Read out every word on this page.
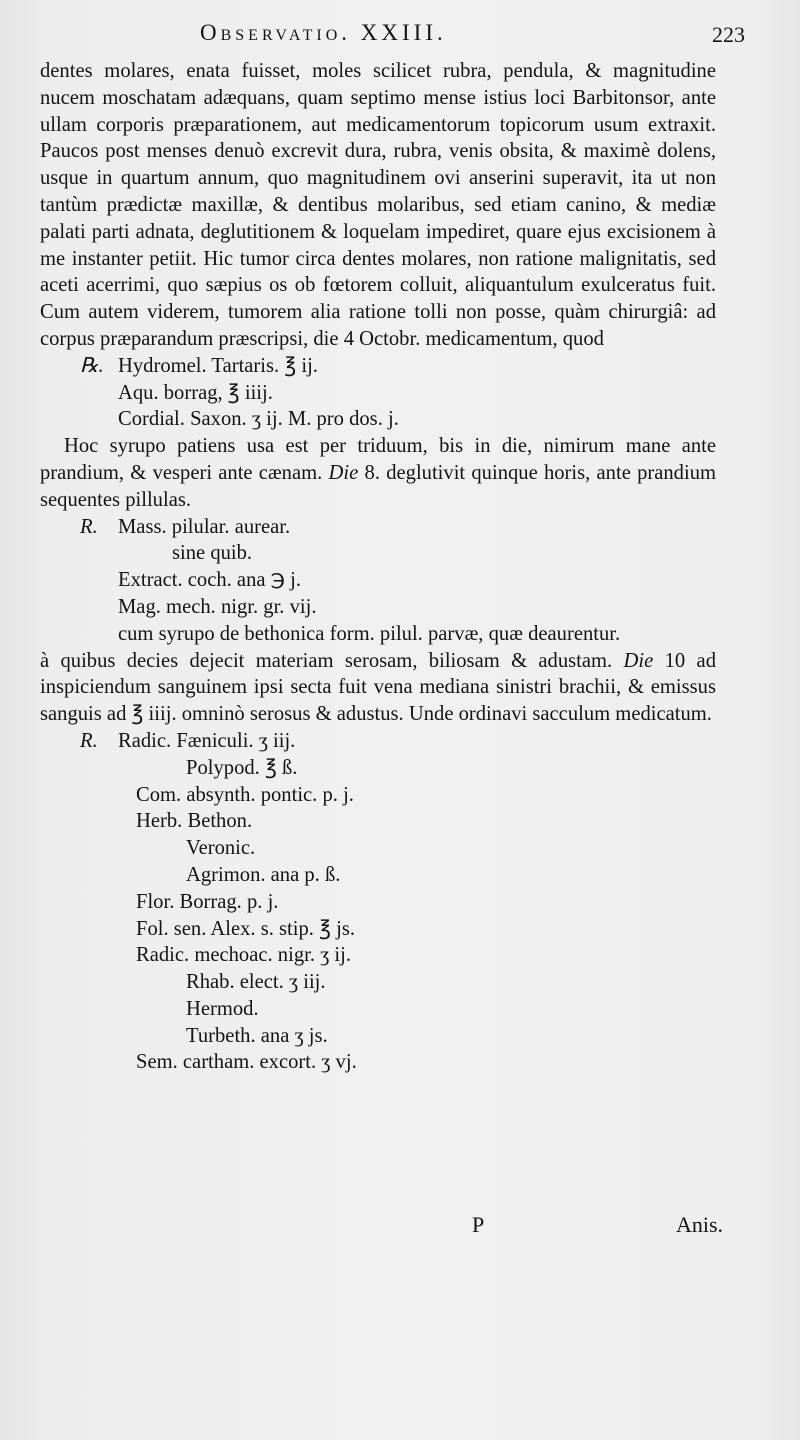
Observatio. XXIII.	223

dentes molares, enata fuisset, moles scilicet rubra, pendula, & magnitudine nucem moschatam adæquans, quam septimo mense istius loci Barbitonsor, ante ullam corporis præparationem, aut medicamentorum topicorum usum extraxit. Paucos post menses denuò excrevit dura, rubra, venis obsita, & maximè dolens, usque in quartum annum, quo magnitudinem ovi anserini superavit, ita ut non tantùm prædictæ maxillæ, & dentibus molaribus, sed etiam canino, & mediæ palati parti adnata, deglutitionem & loquelam impediret, quare ejus excisionem à me instanter petiit. Hic tumor circa dentes molares, non ratione malignitatis, sed aceti acerrimi, quo sæpius os ob fœtorem colluit, aliquantulum exulceratus fuit. Cum autem viderem, tumorem alia ratione tolli non posse, quàm chirurgiâ: ad corpus præparandum præscripsi, die 4 Octobr. medicamentum, quod

℞. Hydromel. Tartaris. ℥ ij.
Aqu. borrag, ℥ iiij.
Cordial. Saxon. ʒ ij. M. pro dos. j.

Hoc syrupo patiens usa est per triduum, bis in die, nimirum mane ante prandium, & vesperi ante cænam. Die 8. deglutivit quinque horis, ante prandium sequentes pillulas.

R. Mass. pilular. aurear.
sine quib.
Extract. coch. ana ℈ j.
Mag. mech. nigr. gr. vij.
cum syrupo de bethonica form. pilul. parvæ, quæ deaurentur.

à quibus decies dejecit materiam serosam, biliosam & adustam. Die 10 ad inspiciendum sanguinem ipsi secta fuit vena mediana sinistri brachii, & emissus sanguis ad ℥ iiij. omninò serosus & adustus. Unde ordinavi sacculum medicatum.

R. Radic. Fæniculi. ʒ iij.
Polypod. ℥ ß.
Com. absynth. pontic. p. j.
Herb. Bethon.
Veronic.
Agrimon. ana p. ß.
Flor. Borrag. p. j.
Fol. sen. Alex. s. stip. ℥ js.
Radic. mechoac. nigr. ʒ ij.
Rhab. elect. ʒ iij.
Hermod.
Turbeth. ana ʒ js.
Sem. cartham. excort. ʒ vj.
P	Anis.
